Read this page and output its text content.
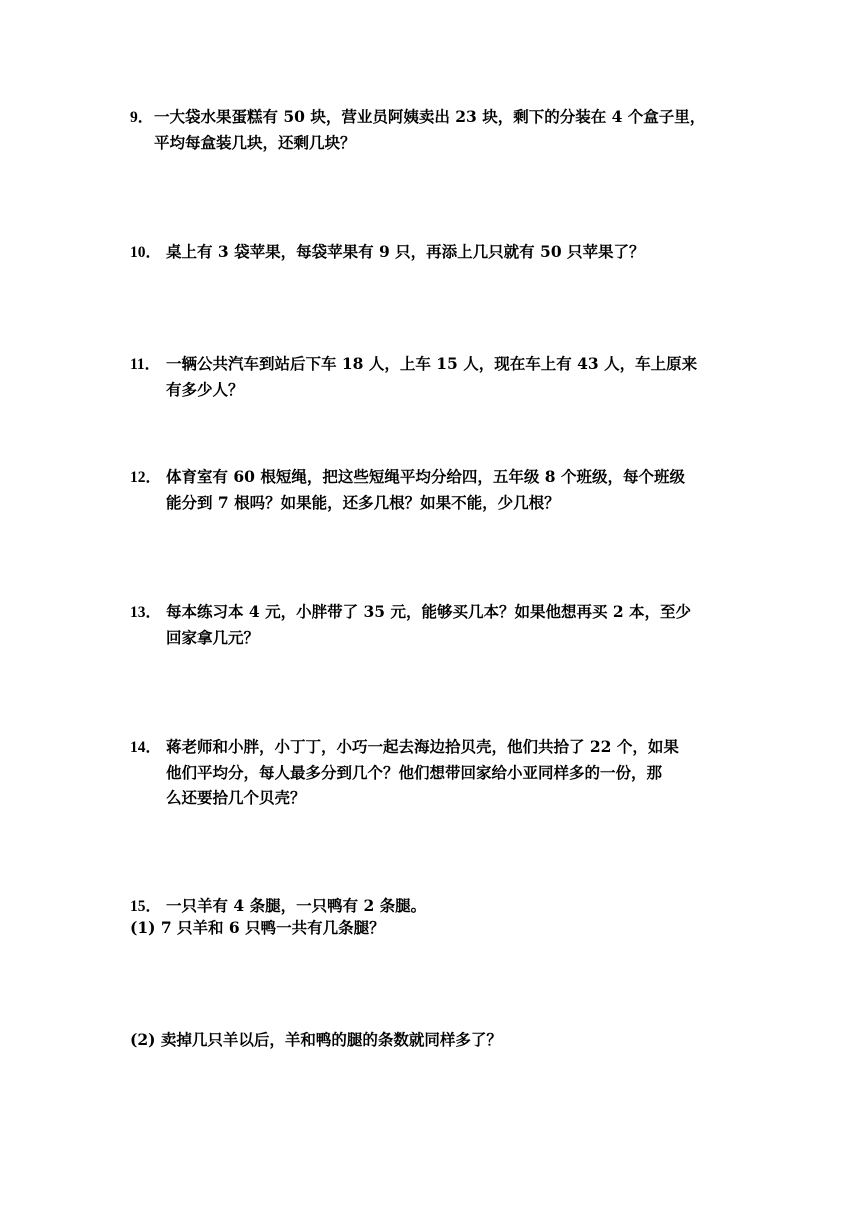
9．一大袋水果蛋糕有 50 块，营业员阿姨卖出 23 块，剩下的分装在 4 个盒子里，
平均每盒装几块，还剩几块？
10． 桌上有 3 袋苹果，每袋苹果有 9 只，再添上几只就有 50 只苹果了？
11． 一辆公共汽车到站后下车 18 人，上车 15 人，现在车上有 43 人，车上原来
有多少人？
12． 体育室有 60 根短绳，把这些短绳平均分给四，五年级 8 个班级，每个班级
能分到 7 根吗？如果能，还多几根？如果不能，少几根？
13． 每本练习本 4 元，小胖带了 35 元，能够买几本？如果他想再买 2 本，至少
回家拿几元？
14． 蒋老师和小胖，小丁丁，小巧一起去海边拾贝壳，他们共拾了 22 个，如果
他们平均分，每人最多分到几个？他们想带回家给小亚同样多的一份，那
么还要拾几个贝壳？
15． 一只羊有 4 条腿，一只鸭有 2 条腿。
(1) 7 只羊和 6 只鸭一共有几条腿？
(2) 卖掉几只羊以后，羊和鸭的腿的条数就同样多了？
